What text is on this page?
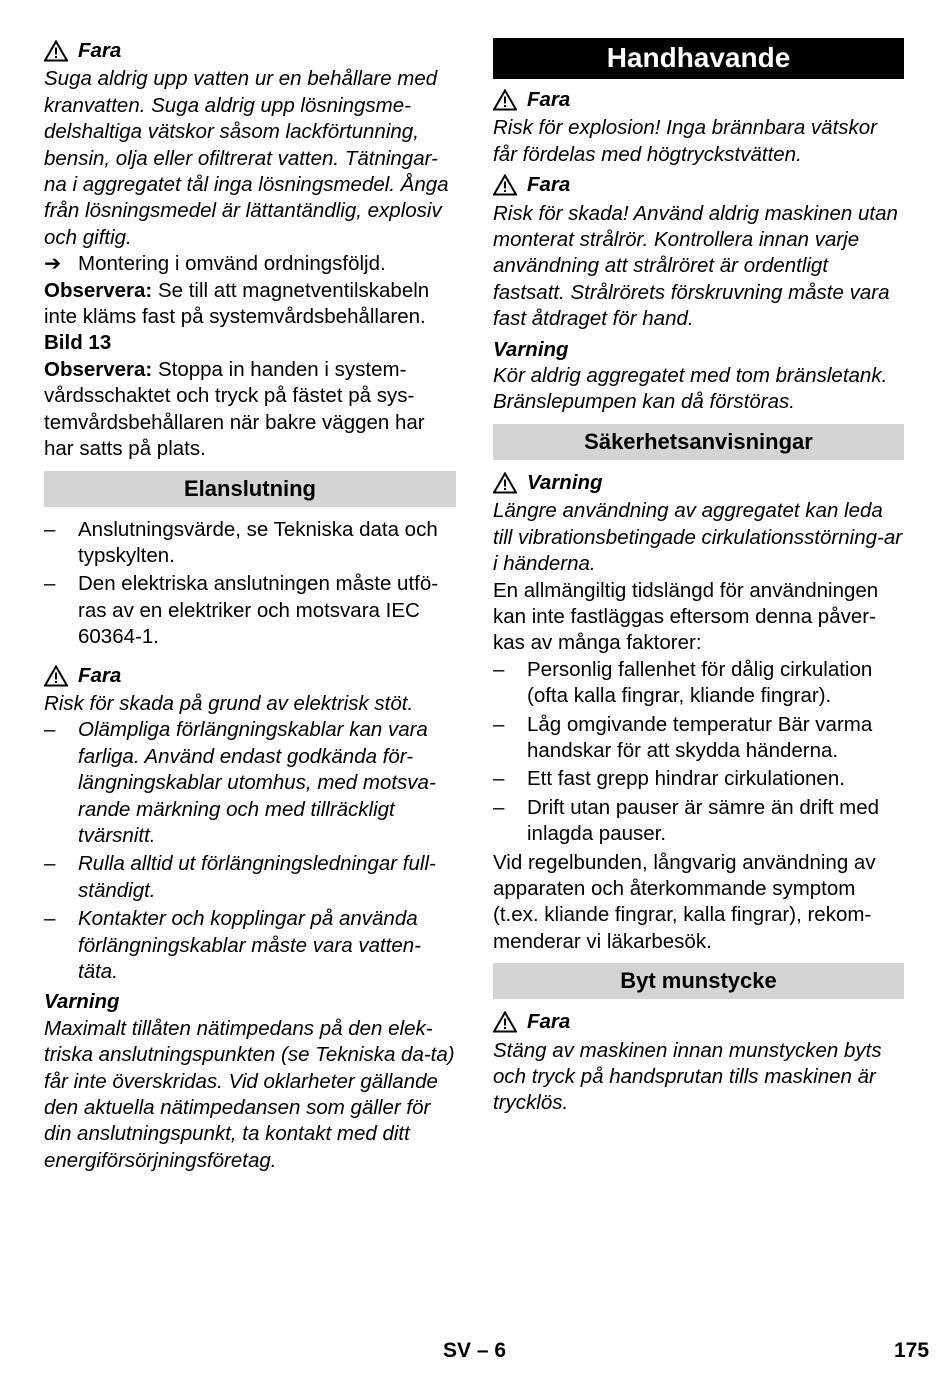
Fara

Suga aldrig upp vatten ur en behållare med kranvatten. Suga aldrig upp lösningsme-delshaltiga vätskor såsom lackförtunning, bensin, olja eller ofiltrerat vatten. Tätningar-na i aggregatet tål inga lösningsmedel. Ånga från lösningsmedel är lättantändlig, explosiv och giftig.

➔ Montering i omvänd ordningsföljd.

Observera: Se till att magnetventilskabeln inte kläms fast på systemvårdsbehållaren.

Bild 13

Observera: Stoppa in handen i system-vårdsschaktet och tryck på fästet på sys-temvårdsbehållaren när bakre väggen har har satts på plats.

Elanslutning
– Anslutningsvärde, se Tekniska data och typskylten.
– Den elektriska anslutningen måste utfö-ras av en elektriker och motsvara IEC 60364-1.
Fara

Risk för skada på grund av elektrisk stöt.

– Olämpliga förlängningskablar kan vara farliga. Använd endast godkända för-längningskablar utomhus, med motsva-rande märkning och med tillräckligt tvärsnitt.
– Rulla alltid ut förlängningsledningar full-ständigt.
– Kontakter och kopplingar på använda förlängningskablar måste vara vatten-täta.
Varning

Maximalt tillåten nätimpedans på den elek-triska anslutningspunkten (se Tekniska da-ta) får inte överskridas. Vid oklarheter gällande den aktuella nätimpedansen som gäller för din anslutningspunkt, ta kontakt med ditt energiförsörjningsföretag.

Handhavande
Fara

Risk för explosion! Inga brännbara vätskor får fördelas med högtryckstvätten.

Fara

Risk för skada! Använd aldrig maskinen utan monterat strålrör. Kontrollera innan varje användning att strålröret är ordentligt fastsatt. Strålrörets förskruvning måste vara fast åtdraget för hand.

Varning

Kör aldrig aggregatet med tom bränsletank. Bränslepumpen kan då förstöras.

Säkerhetsanvisningar
Varning

Längre användning av aggregatet kan leda till vibrationsbetingade cirkulationsstörning-ar i händerna.

En allmängiltig tidslängd för användningen kan inte fastläggas eftersom denna påver-kas av många faktorer:

– Personlig fallenhet för dålig cirkulation (ofta kalla fingrar, kliande fingrar).
– Låg omgivande temperatur Bär varma handskar för att skydda händerna.
– Ett fast grepp hindrar cirkulationen.
– Drift utan pauser är sämre än drift med inlagda pauser.

Vid regelbunden, långvarig användning av apparaten och återkommande symptom (t.ex. kliande fingrar, kalla fingrar), rekom-menderar vi läkarbesök.

Byt munstycke
Fara

Stäng av maskinen innan munstycken byts och tryck på handsprutan tills maskinen är trycklös.

SV – 6	175
